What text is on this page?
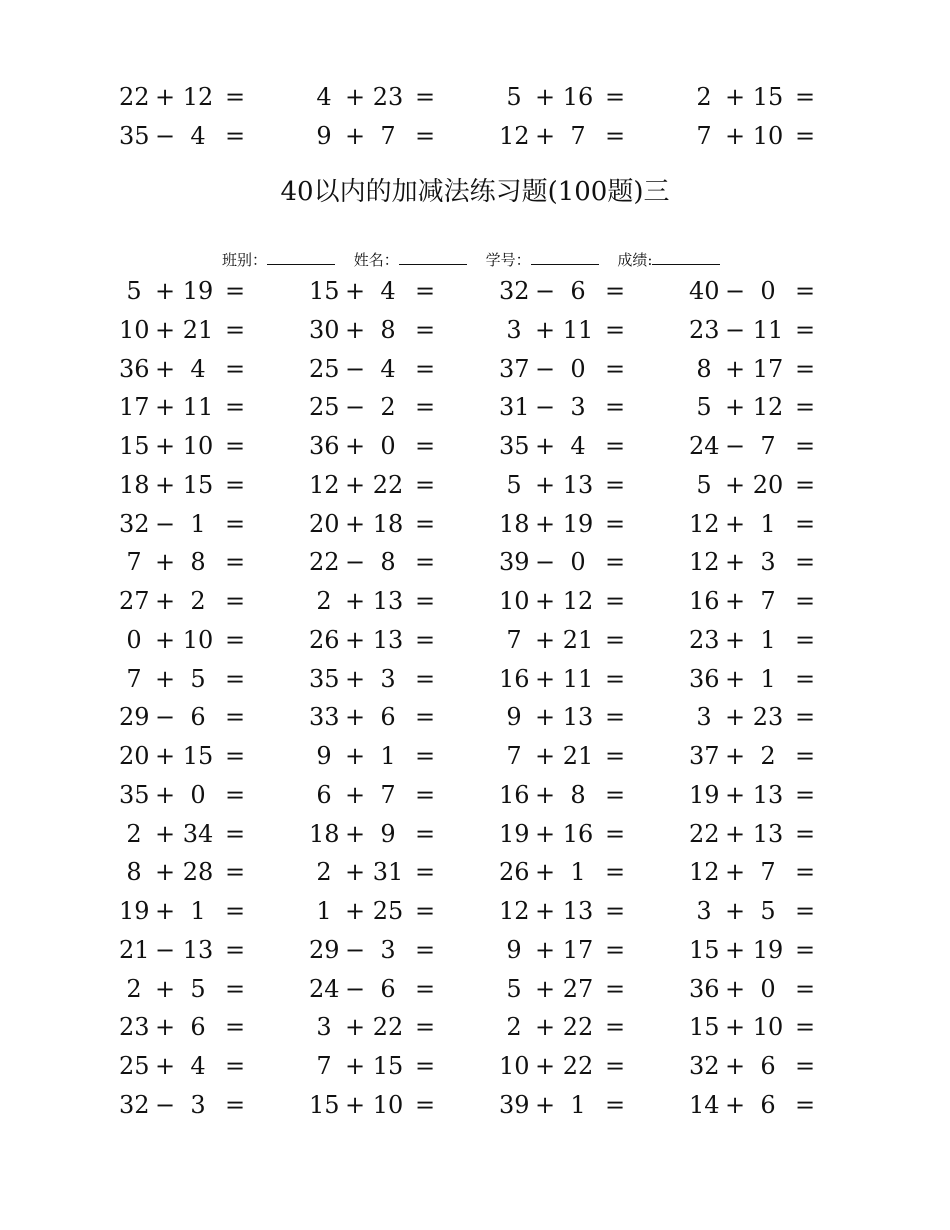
40以内的加减法练习题(100题)三
班别：	姓名：	学号：	成绩:
22 + 12 =	4 + 23 =	5 + 16 =	2 + 15 =
35 − 4 =	9 + 7 =	12 + 7 =	7 + 10 =
5 + 19 =	15 + 4 =	32 − 6 =	40 − 0 =
10 + 21 =	30 + 8 =	3 + 11 =	23 − 11 =
36 + 4 =	25 − 4 =	37 − 0 =	8 + 17 =
17 + 11 =	25 − 2 =	31 − 3 =	5 + 12 =
15 + 10 =	36 + 0 =	35 + 4 =	24 − 7 =
18 + 15 =	12 + 22 =	5 + 13 =	5 + 20 =
32 − 1 =	20 + 18 =	18 + 19 =	12 + 1 =
7 + 8 =	22 − 8 =	39 − 0 =	12 + 3 =
27 + 2 =	2 + 13 =	10 + 12 =	16 + 7 =
0 + 10 =	26 + 13 =	7 + 21 =	23 + 1 =
7 + 5 =	35 + 3 =	16 + 11 =	36 + 1 =
29 − 6 =	33 + 6 =	9 + 13 =	3 + 23 =
20 + 15 =	9 + 1 =	7 + 21 =	37 + 2 =
35 + 0 =	6 + 7 =	16 + 8 =	19 + 13 =
2 + 34 =	18 + 9 =	19 + 16 =	22 + 13 =
8 + 28 =	2 + 31 =	26 + 1 =	12 + 7 =
19 + 1 =	1 + 25 =	12 + 13 =	3 + 5 =
21 − 13 =	29 − 3 =	9 + 17 =	15 + 19 =
2 + 5 =	24 − 6 =	5 + 27 =	36 + 0 =
23 + 6 =	3 + 22 =	2 + 22 =	15 + 10 =
25 + 4 =	7 + 15 =	10 + 22 =	32 + 6 =
32 − 3 =	15 + 10 =	39 + 1 =	14 + 6 =
